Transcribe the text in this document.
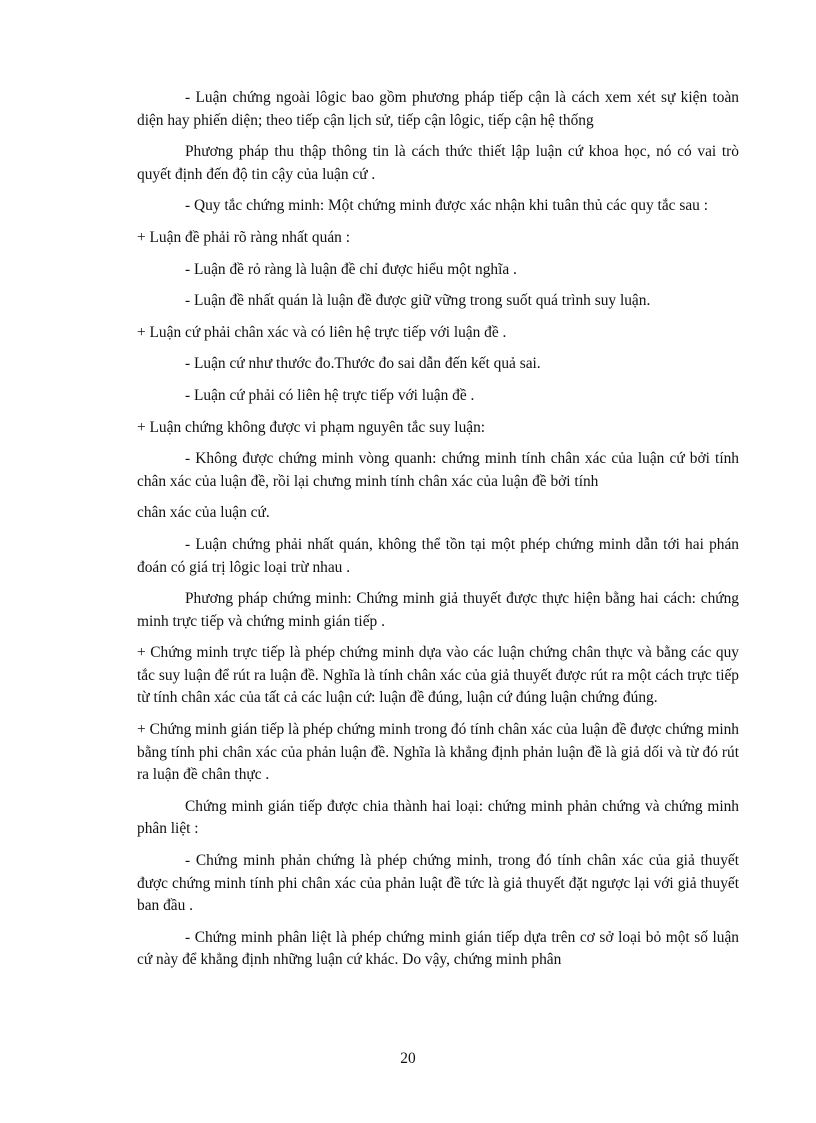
- Luận chứng ngoài lôgic bao gồm phương pháp tiếp cận là cách xem xét sự kiện toàn diện hay phiến diện; theo tiếp cận lịch sử, tiếp cận lôgic, tiếp cận hệ thống

Phương pháp thu thập thông tin là cách thức thiết lập luận cứ khoa học, nó có vai trò quyết định đến độ tin cậy của luận cứ .

- Quy tắc chứng minh: Một chứng minh được xác nhận khi tuân thủ các quy tắc sau :

+ Luận đề phải rõ ràng nhất quán :

- Luận đề rỏ ràng là luận đề chỉ được hiểu một nghĩa .

- Luận đề nhất quán là luận đề được giữ vững trong suốt quá trình suy luận.

+ Luận cứ phải chân xác và có liên hệ trực tiếp với luận đề .

- Luận cứ như thước đo.Thước đo sai dẫn đến kết quả sai.

- Luận cứ phải có liên hệ trực tiếp với luận đề .

+ Luận chứng không được vi phạm nguyên tắc suy luận:

- Không được chứng minh vòng quanh: chứng minh tính chân xác của luận cứ bởi tính chân xác của luận đề, rồi lại chưng minh tính chân xác của luận đề bởi tính

chân xác của luận cứ.

- Luận chứng phải nhất quán, không thể tồn tại một phép chứng minh dẫn tới hai phán đoán có giá trị lôgic loại trừ nhau .

Phương pháp chứng minh: Chứng minh giả thuyết được thực hiện bằng hai cách: chứng minh trực tiếp và chứng minh gián tiếp .

+ Chứng minh trực tiếp là phép chứng minh dựa vào các luận chứng chân thực và bằng các quy tắc suy luận để rút ra luận đề. Nghĩa là tính chân xác của giả thuyết được rút ra một cách trực tiếp từ tính chân xác của tất cả các luận cứ: luận đề đúng, luận cứ đúng luận chứng đúng.

+ Chứng minh gián tiếp là phép chứng minh trong đó tính chân xác của luận đề được chứng minh bằng tính phi chân xác của phản luận đề. Nghĩa là khẳng định phản luận đề là giả dối và từ đó rút ra luận đề chân thực .

Chứng minh gián tiếp được chia thành hai loại: chứng minh phản chứng và chứng minh phân liệt :

- Chứng minh phản chứng là phép chứng minh, trong đó tính chân xác của giả thuyết được chứng minh tính phi chân xác của phản luật đề tức là giả thuyết đặt ngược lại với giả thuyết ban đầu .

- Chứng minh phân liệt là phép chứng minh gián tiếp dựa trên cơ sở loại bỏ một số luận cứ này để khẳng định những luận cứ khác. Do vậy, chứng minh phân

20
